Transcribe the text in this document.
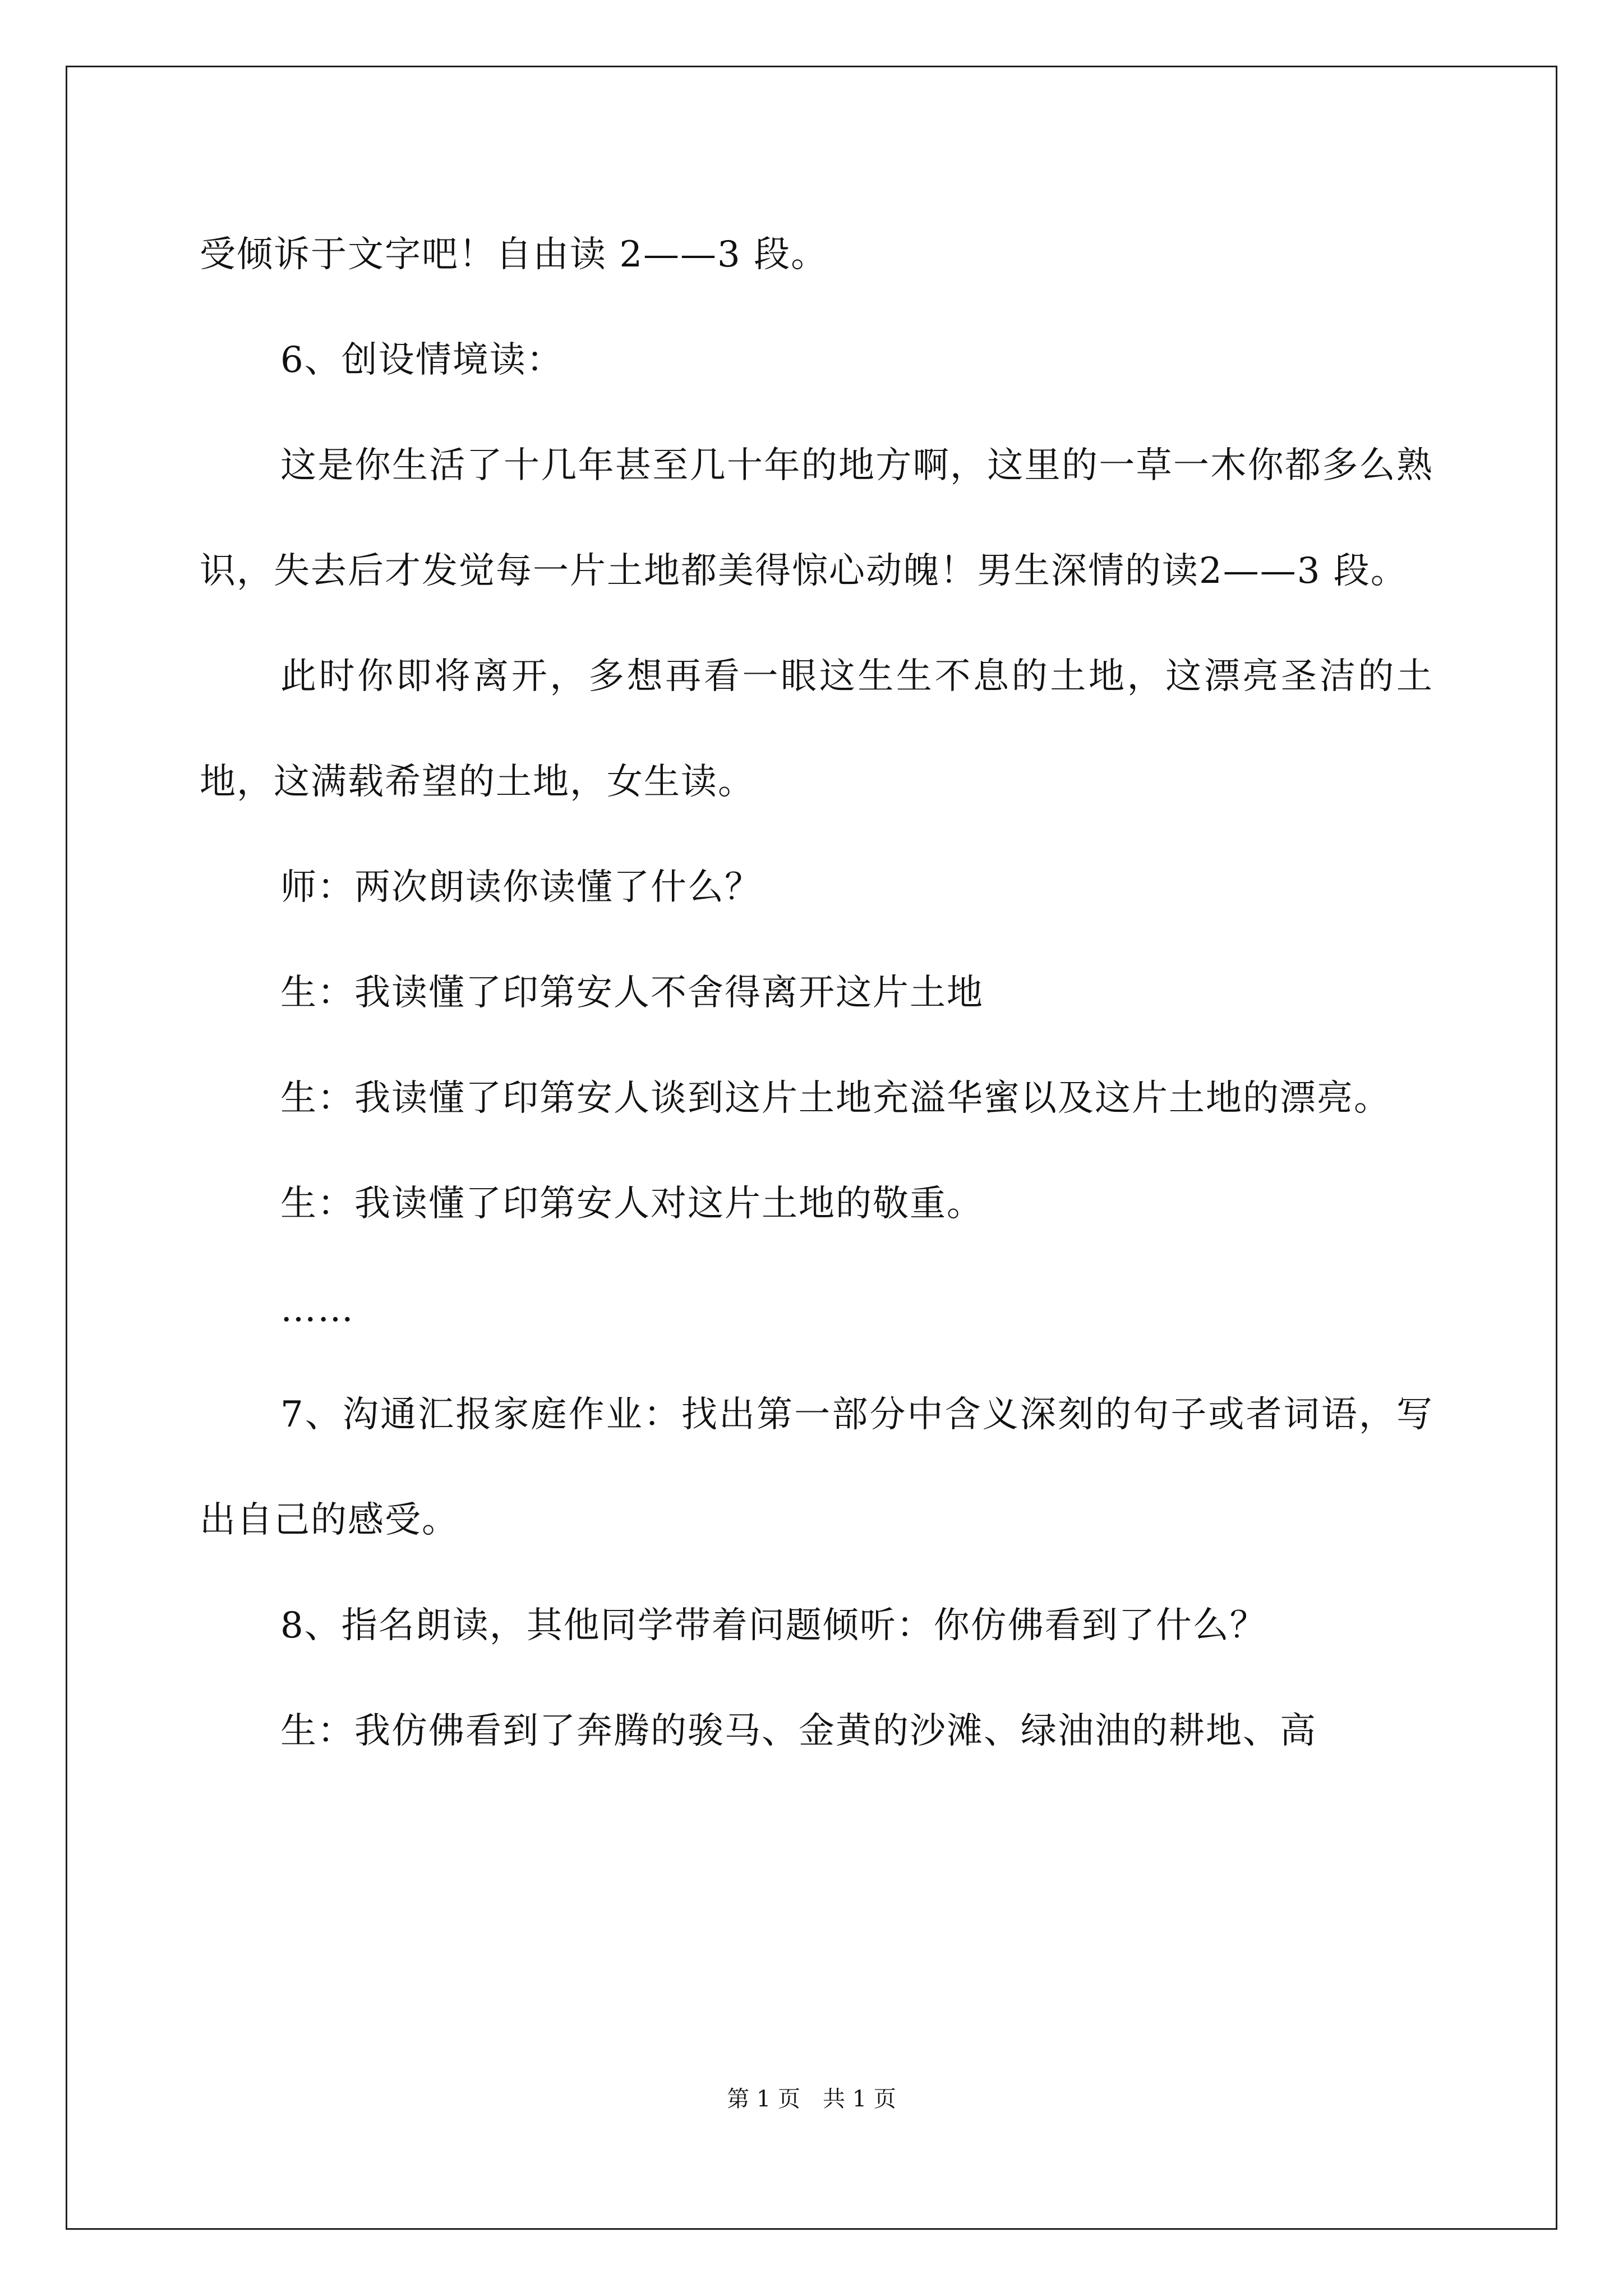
受倾诉于文字吧！自由读 2——3 段。

6、创设情境读：

这是你生活了十几年甚至几十年的地方啊，这里的一草一木你都多么熟识，失去后才发觉每一片土地都美得惊心动魄！男生深情的读2——3 段。

此时你即将离开，多想再看一眼这生生不息的土地，这漂亮圣洁的土地，这满载希望的土地，女生读。

师：两次朗读你读懂了什么？

生：我读懂了印第安人不舍得离开这片土地

生：我读懂了印第安人谈到这片土地充溢华蜜以及这片土地的漂亮。

生：我读懂了印第安人对这片土地的敬重。

……

7、沟通汇报家庭作业：找出第一部分中含义深刻的句子或者词语，写出自己的感受。

8、指名朗读，其他同学带着问题倾听：你仿佛看到了什么？

生：我仿佛看到了奔腾的骏马、金黄的沙滩、绿油油的耕地、高

第 1 页　共 1 页
